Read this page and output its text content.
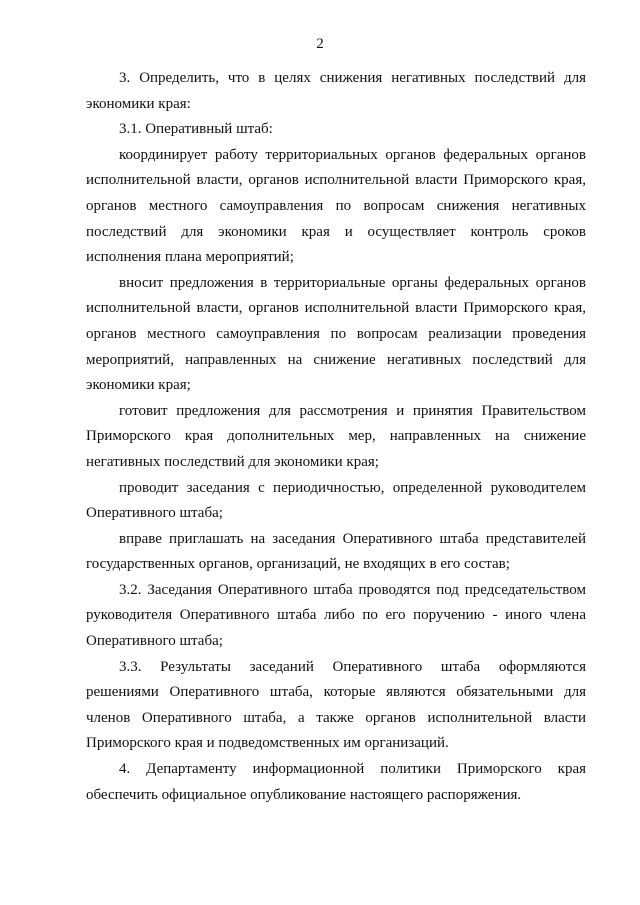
2

3. Определить, что в целях снижения негативных последствий для экономики края:

3.1. Оперативный штаб:

координирует работу территориальных органов федеральных органов исполнительной власти, органов исполнительной власти Приморского края, органов местного самоуправления по вопросам снижения негативных последствий для экономики края и осуществляет контроль сроков исполнения плана мероприятий;

вносит предложения в территориальные органы федеральных органов исполнительной власти, органов исполнительной власти Приморского края, органов местного самоуправления по вопросам реализации проведения мероприятий, направленных на снижение негативных последствий для экономики края;

готовит предложения для рассмотрения и принятия Правительством Приморского края дополнительных мер, направленных на снижение негативных последствий для экономики края;

проводит заседания с периодичностью, определенной руководителем Оперативного штаба;

вправе приглашать на заседания Оперативного штаба представителей государственных органов, организаций, не входящих в его состав;

3.2. Заседания Оперативного штаба проводятся под председательством руководителя Оперативного штаба либо по его поручению - иного члена Оперативного штаба;

3.3. Результаты заседаний Оперативного штаба оформляются решениями Оперативного штаба, которые являются обязательными для членов Оперативного штаба, а также органов исполнительной власти Приморского края и подведомственных им организаций.

4. Департаменту информационной политики Приморского края обеспечить официальное опубликование настоящего распоряжения.
